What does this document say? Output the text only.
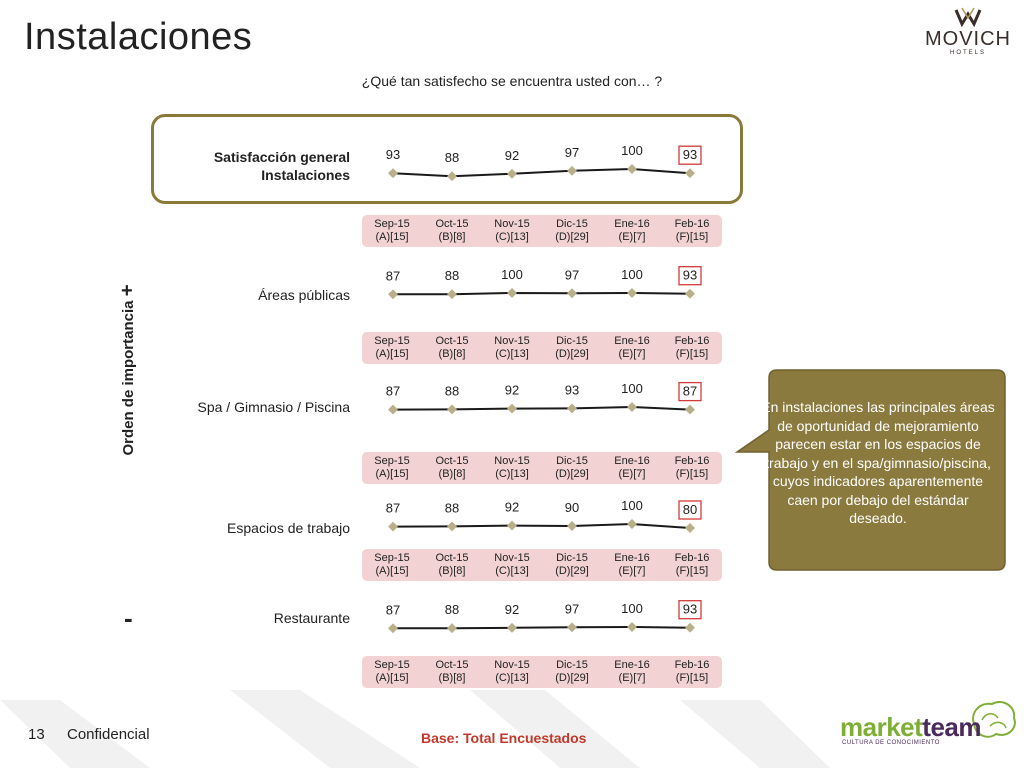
Instalaciones	MOVICH
HOTELS
¿Qué tan satisfecho se encuentra usted con… ?
+
-
Orden de importancia
Satisfacción general
Instalaciones
93	88	92	97	100	93
Sep-15
(A)[15]
Oct-15
(B)[8]
Nov-15
(C)[13]
Dic-15
(D)[29]
Ene-16
(E)[7]
Feb-16
(F)[15]
Áreas públicas
87	88	100	97	100	93
Sep-15
(A)[15]
Oct-15
(B)[8]
Nov-15
(C)[13]
Dic-15
(D)[29]
Ene-16
(E)[7]
Feb-16
(F)[15]
Spa / Gimnasio / Piscina
87	88	92	93	100	87
Sep-15
(A)[15]
Oct-15
(B)[8]
Nov-15
(C)[13]
Dic-15
(D)[29]
Ene-16
(E)[7]
Feb-16
(F)[15]
Espacios de trabajo
87	88	92	90	100	80
Sep-15
(A)[15]
Oct-15
(B)[8]
Nov-15
(C)[13]
Dic-15
(D)[29]
Ene-16
(E)[7]
Feb-16
(F)[15]
Restaurante
87	88	92	97	100	93
Sep-15
(A)[15]
Oct-15
(B)[8]
Nov-15
(C)[13]
Dic-15
(D)[29]
Ene-16
(E)[7]
Feb-16
(F)[15]
En instalaciones las principales áreas de oportunidad de mejoramiento parecen estar en los espacios de trabajo y en el spa/gimnasio/piscina, cuyos indicadores aparentemente caen por debajo del estándar deseado.
13 Confidencial	Base: Total Encuestados	marketteam
CULTURA DE CONOCIMIENTO
